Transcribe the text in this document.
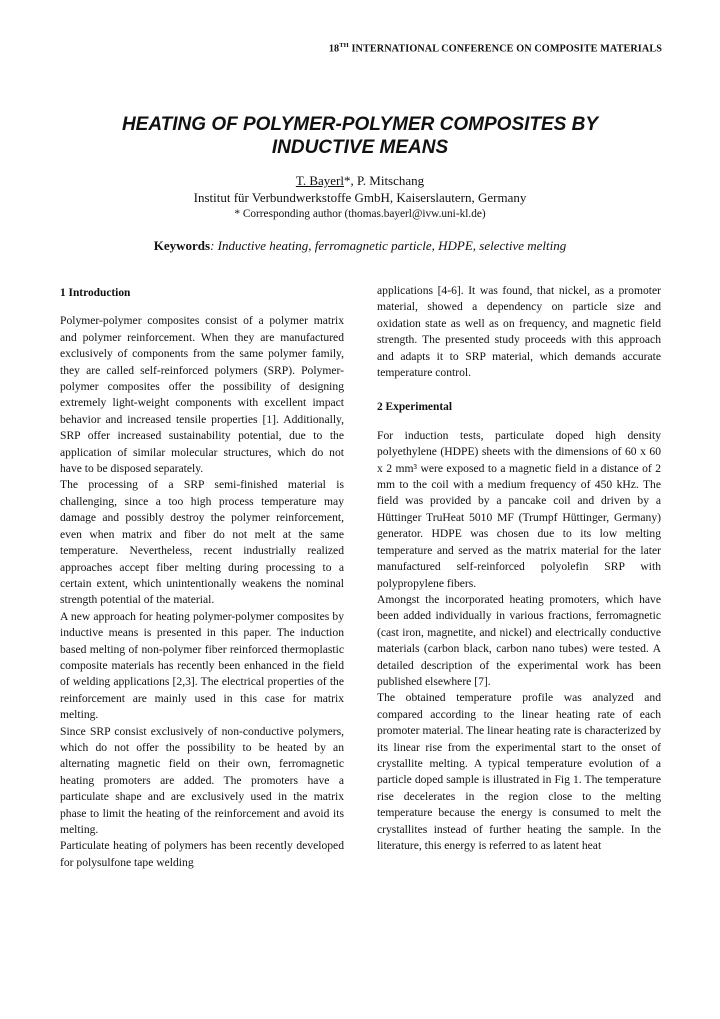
18TH INTERNATIONAL CONFERENCE ON COMPOSITE MATERIALS
HEATING OF POLYMER-POLYMER COMPOSITES BY
INDUCTIVE MEANS
T. Bayerl*, P. Mitschang
Institut für Verbundwerkstoffe GmbH, Kaiserslautern, Germany
* Corresponding author (thomas.bayerl@ivw.uni-kl.de)
Keywords: Inductive heating, ferromagnetic particle, HDPE, selective melting

1 Introduction

Polymer-polymer composites consist of a polymer matrix and polymer reinforcement. When they are manufactured exclusively of components from the same polymer family, they are called self-reinforced polymers (SRP). Polymer-polymer composites offer the possibility of designing extremely light-weight components with excellent impact behavior and increased tensile properties [1]. Additionally, SRP offer increased sustainability potential, due to the application of similar molecular structures, which do not have to be disposed separately.

The processing of a SRP semi-finished material is challenging, since a too high process temperature may damage and possibly destroy the polymer reinforcement, even when matrix and fiber do not melt at the same temperature. Nevertheless, recent industrially realized approaches accept fiber melting during processing to a certain extent, which unintentionally weakens the nominal strength potential of the material.

A new approach for heating polymer-polymer composites by inductive means is presented in this paper. The induction based melting of non-polymer fiber reinforced thermoplastic composite materials has recently been enhanced in the field of welding applications [2,3]. The electrical properties of the reinforcement are mainly used in this case for matrix melting.

Since SRP consist exclusively of non-conductive polymers, which do not offer the possibility to be heated by an alternating magnetic field on their own, ferromagnetic heating promoters are added. The promoters have a particulate shape and are exclusively used in the matrix phase to limit the heating of the reinforcement and avoid its melting.

Particulate heating of polymers has been recently developed for polysulfone tape welding

applications [4-6]. It was found, that nickel, as a promoter material, showed a dependency on particle size and oxidation state as well as on frequency, and magnetic field strength. The presented study proceeds with this approach and adapts it to SRP material, which demands accurate temperature control.

2 Experimental

For induction tests, particulate doped high density polyethylene (HDPE) sheets with the dimensions of 60 x 60 x 2 mm³ were exposed to a magnetic field in a distance of 2 mm to the coil with a medium frequency of 450 kHz. The field was provided by a pancake coil and driven by a Hüttinger TruHeat 5010 MF (Trumpf Hüttinger, Germany) generator. HDPE was chosen due to its low melting temperature and served as the matrix material for the later manufactured self-reinforced polyolefin SRP with polypropylene fibers.

Amongst the incorporated heating promoters, which have been added individually in various fractions, ferromagnetic (cast iron, magnetite, and nickel) and electrically conductive materials (carbon black, carbon nano tubes) were tested. A detailed description of the experimental work has been published elsewhere [7].

The obtained temperature profile was analyzed and compared according to the linear heating rate of each promoter material. The linear heating rate is characterized by its linear rise from the experimental start to the onset of crystallite melting. A typical temperature evolution of a particle doped sample is illustrated in Fig 1. The temperature rise decelerates in the region close to the melting temperature because the energy is consumed to melt the crystallites instead of further heating the sample. In the literature, this energy is referred to as latent heat
